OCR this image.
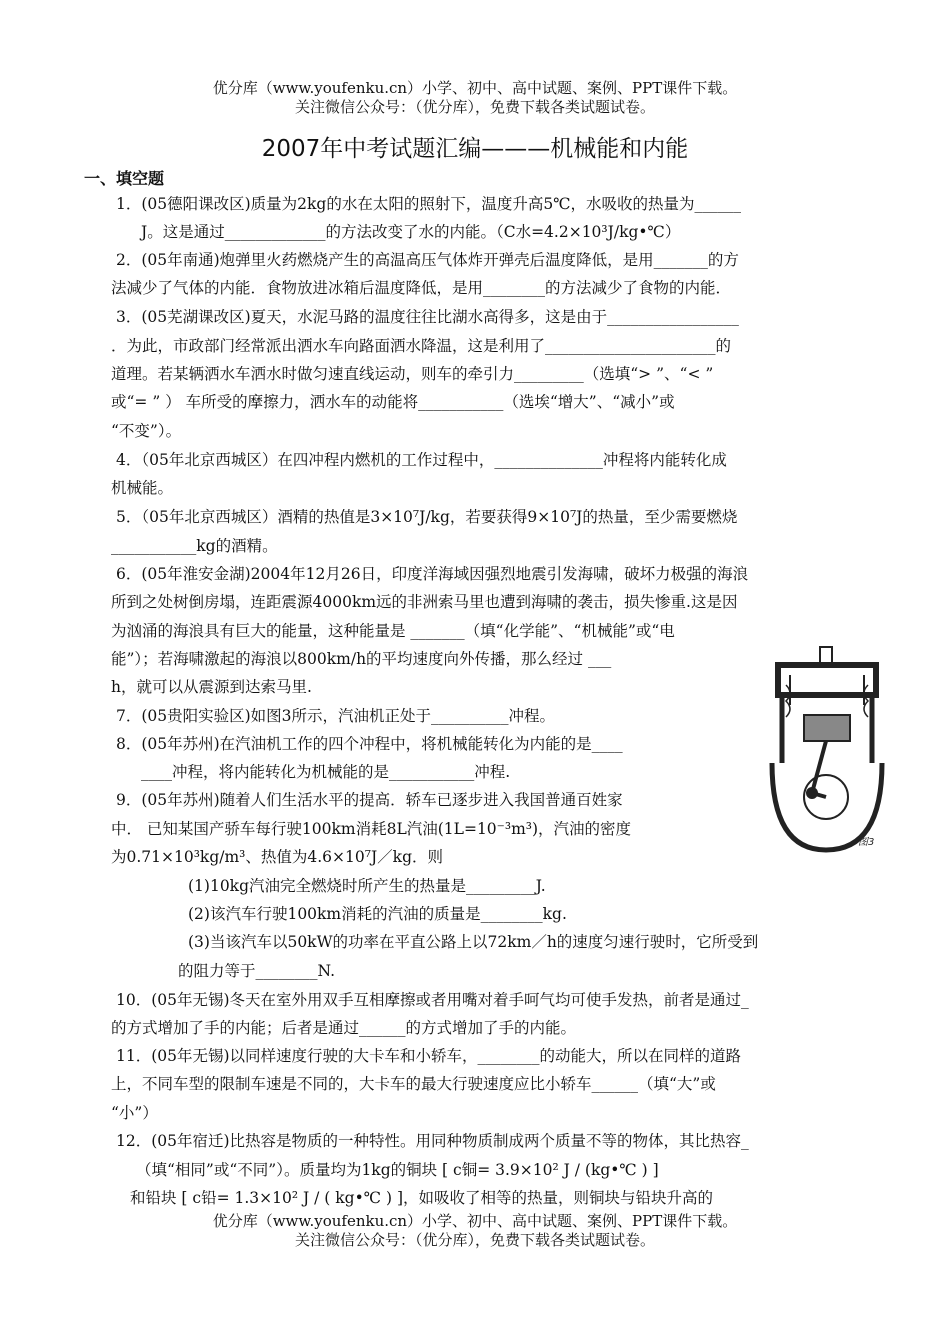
优分库（www.youfenku.cn）小学、初中、高中试题、案例、PPT课件下载。
关注微信公众号：（优分库），免费下载各类试题试卷。
2007年中考试题汇编———机械能和内能
一、填空题
1．(05德阳课改区)质量为2kg的水在太阳的照射下，温度升高5℃，水吸收的热量为______
J。这是通过_____________的方法改变了水的内能。（C水=4.2×10³J/kg•℃）
2．(05年南通)炮弹里火药燃烧产生的高温高压气体炸开弹壳后温度降低，是用_______的方
法减少了气体的内能．食物放进冰箱后温度降低，是用________的方法减少了食物的内能．
3．(05芜湖课改区)夏天，水泥马路的温度往往比湖水高得多，这是由于_________________
．为此，市政部门经常派出洒水车向路面洒水降温，这是利用了______________________的
道理。若某辆洒水车洒水时做匀速直线运动，则车的牵引力_________（选填“> ”、“< ”
或“= ” ） 车所受的摩擦力，洒水车的动能将___________（选埃“增大”、“减小”或
“不变”）。
4．（05年北京西城区）在四冲程内燃机的工作过程中，______________冲程将内能转化成
机械能。
5．（05年北京西城区）酒精的热值是3×10⁷J/kg，若要获得9×10⁷J的热量，至少需要燃烧
___________kg的酒精。
6．(05年淮安金湖)2004年12月26日，印度洋海域因强烈地震引发海啸，破坏力极强的海浪
所到之处树倒房塌，连距震源4000km远的非洲索马里也遭到海啸的袭击，损失惨重.这是因
为汹涌的海浪具有巨大的能量，这种能量是 _______（填“化学能”、“机械能”或“电
能”）；若海啸激起的海浪以800km/h的平均速度向外传播，那么经过 ___
h，就可以从震源到达索马里.
7．(05贵阳实验区)如图3所示，汽油机正处于__________冲程。
8．(05年苏州)在汽油机工作的四个冲程中，将机械能转化为内能的是____
____冲程，将内能转化为机械能的是___________冲程.
9．(05年苏州)随着人们生活水平的提高．轿车已逐步进入我国普通百姓家
中． 已知某国产骄车每行驶100km消耗8L汽油(1L=10⁻³m³)，汽油的密度
为0.71×10³kg/m³、热值为4.6×10⁷J／kg．则
(1)10kg汽油完全燃烧时所产生的热量是_________J.
(2)该汽车行驶100km消耗的汽油的质量是________kg.
(3)当该汽车以50kW的功率在平直公路上以72km／h的速度匀速行驶时，它所受到
的阻力等于________N.
10．(05年无锡)冬天在室外用双手互相摩擦或者用嘴对着手呵气均可使手发热，前者是通过_
的方式增加了手的内能；后者是通过______的方式增加了手的内能。
11．(05年无锡)以同样速度行驶的大卡车和小轿车，________的动能大，所以在同样的道路
上，不同车型的限制车速是不同的，大卡车的最大行驶速度应比小轿车______（填“大”或
“小”）
12．(05年宿迁)比热容是物质的一种特性。用同种物质制成两个质量不等的物体，其比热容_
（填“相同”或“不同”）。质量均为1kg的铜块 [ c铜= 3.9×10² J / (kg•℃ ) ]
和铅块 [ c铅= 1.3×10² J / ( kg•℃ ) ]，如吸收了相等的热量，则铜块与铅块升高的
优分库（www.youfenku.cn）小学、初中、高中试题、案例、PPT课件下载。
关注微信公众号：（优分库），免费下载各类试题试卷。
图3
